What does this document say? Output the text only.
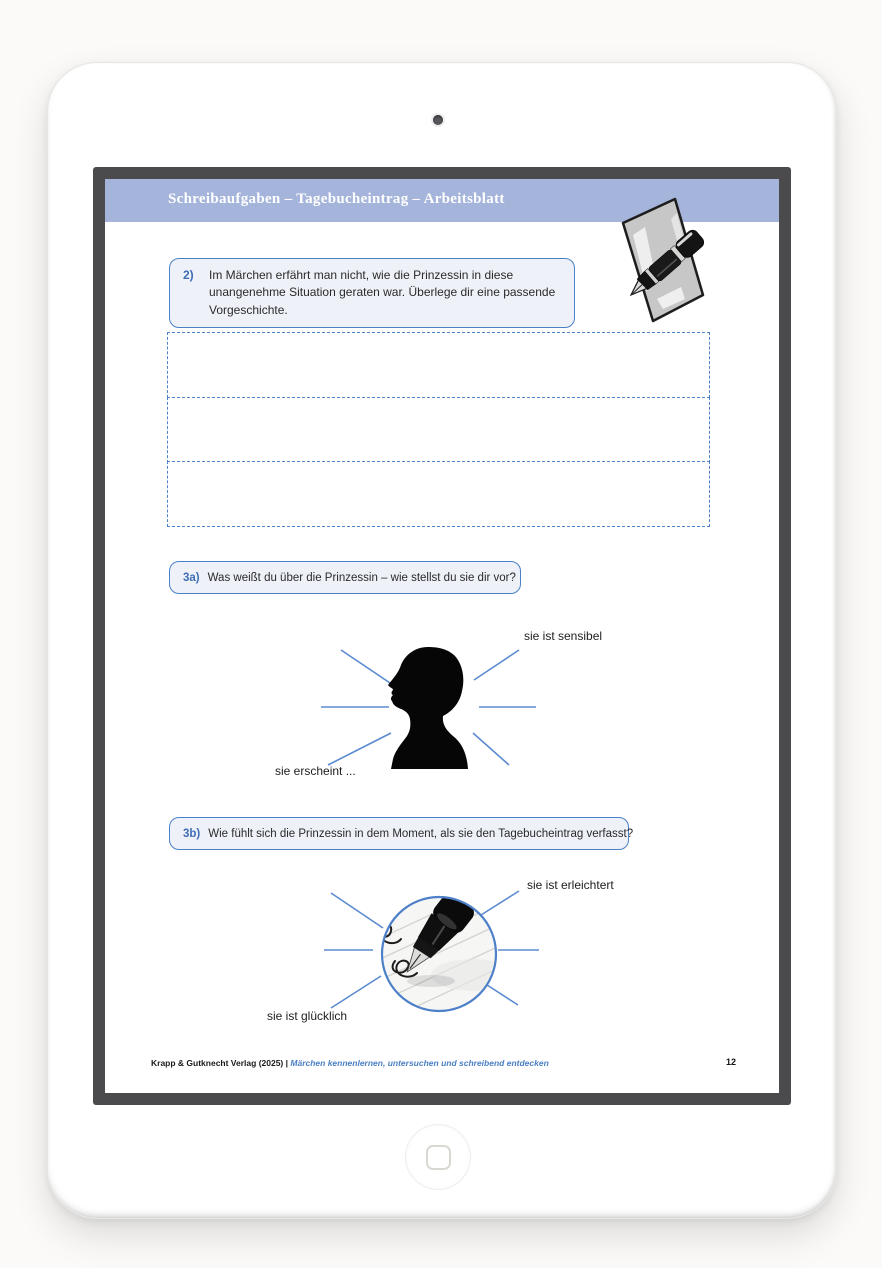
Schreibaufgaben – Tagebucheintrag – Arbeitsblatt
2)	Im Märchen erfährt man nicht, wie die Prinzessin in diese unangenehme Situation geraten war. Überlege dir eine passende Vorgeschichte.
3a) Was weißt du über die Prinzessin – wie stellst du sie dir vor?
sie ist sensibel
sie erscheint ...
3b) Wie fühlt sich die Prinzessin in dem Moment, als sie den Tagebucheintrag verfasst?
sie ist erleichtert
sie ist glücklich
Krapp & Gutknecht Verlag (2025) | Märchen kennenlernen, untersuchen und schreibend entdecken	12
